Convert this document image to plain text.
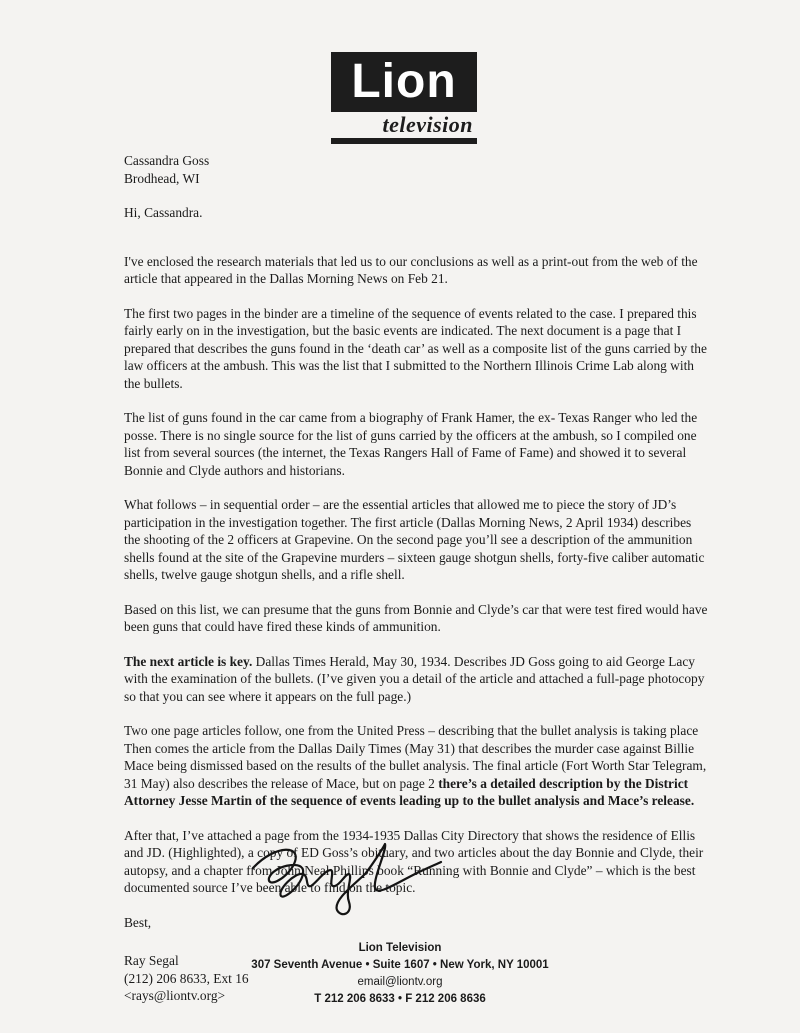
Lion
television

Cassandra Goss

Brodhead, WI

Hi, Cassandra.

I've enclosed the research materials that led us to our conclusions as well as a print-out from the web of the article that appeared in the Dallas Morning News on Feb 21.

The first two pages in the binder are a timeline of the sequence of events related to the case. I prepared this fairly early on in the investigation, but the basic events are indicated. The next document is a page that I prepared that describes the guns found in the ‘death car’ as well as a composite list of the guns carried by the law officers at the ambush. This was the list that I submitted to the Northern Illinois Crime Lab along with the bullets.

The list of guns found in the car came from a biography of Frank Hamer, the ex- Texas Ranger who led the posse. There is no single source for the list of guns carried by the officers at the ambush, so I compiled one list from several sources (the internet, the Texas Rangers Hall of Fame of Fame) and showed it to several Bonnie and Clyde authors and historians.

What follows – in sequential order – are the essential articles that allowed me to piece the story of JD’s participation in the investigation together. The first article (Dallas Morning News, 2 April 1934) describes the shooting of the 2 officers at Grapevine. On the second page you’ll see a description of the ammunition shells found at the site of the Grapevine murders – sixteen gauge shotgun shells, forty-five caliber automatic shells, twelve gauge shotgun shells, and a rifle shell.

Based on this list, we can presume that the guns from Bonnie and Clyde’s car that were test fired would have been guns that could have fired these kinds of ammunition.

The next article is key. Dallas Times Herald, May 30, 1934. Describes JD Goss going to aid George Lacy with the examination of the bullets. (I’ve given you a detail of the article and attached a full-page photocopy so that you can see where it appears on the full page.)

Two one page articles follow, one from the United Press – describing that the bullet analysis is taking place Then comes the article from the Dallas Daily Times (May 31) that describes the murder case against Billie Mace being dismissed based on the results of the bullet analysis. The final article (Fort Worth Star Telegram, 31 May) also describes the release of Mace, but on page 2 there’s a detailed description by the District Attorney Jesse Martin of the sequence of events leading up to the bullet analysis and Mace’s release.

After that, I’ve attached a page from the 1934-1935 Dallas City Directory that shows the residence of Ellis and JD. (Highlighted), a copy of ED Goss’s obituary, and two articles about the day Bonnie and Clyde, their autopsy, and a chapter from John Neal Phillips book “Running with Bonnie and Clyde” – which is the best documented source I’ve been able to find on the topic.

Best,

Ray Segal

(212) 206 8633, Ext 16

<rays@liontv.org>

Lion Television
307 Seventh Avenue • Suite 1607 • New York, NY 10001
email@liontv.org
T 212 206 8633 • F 212 206 8636
